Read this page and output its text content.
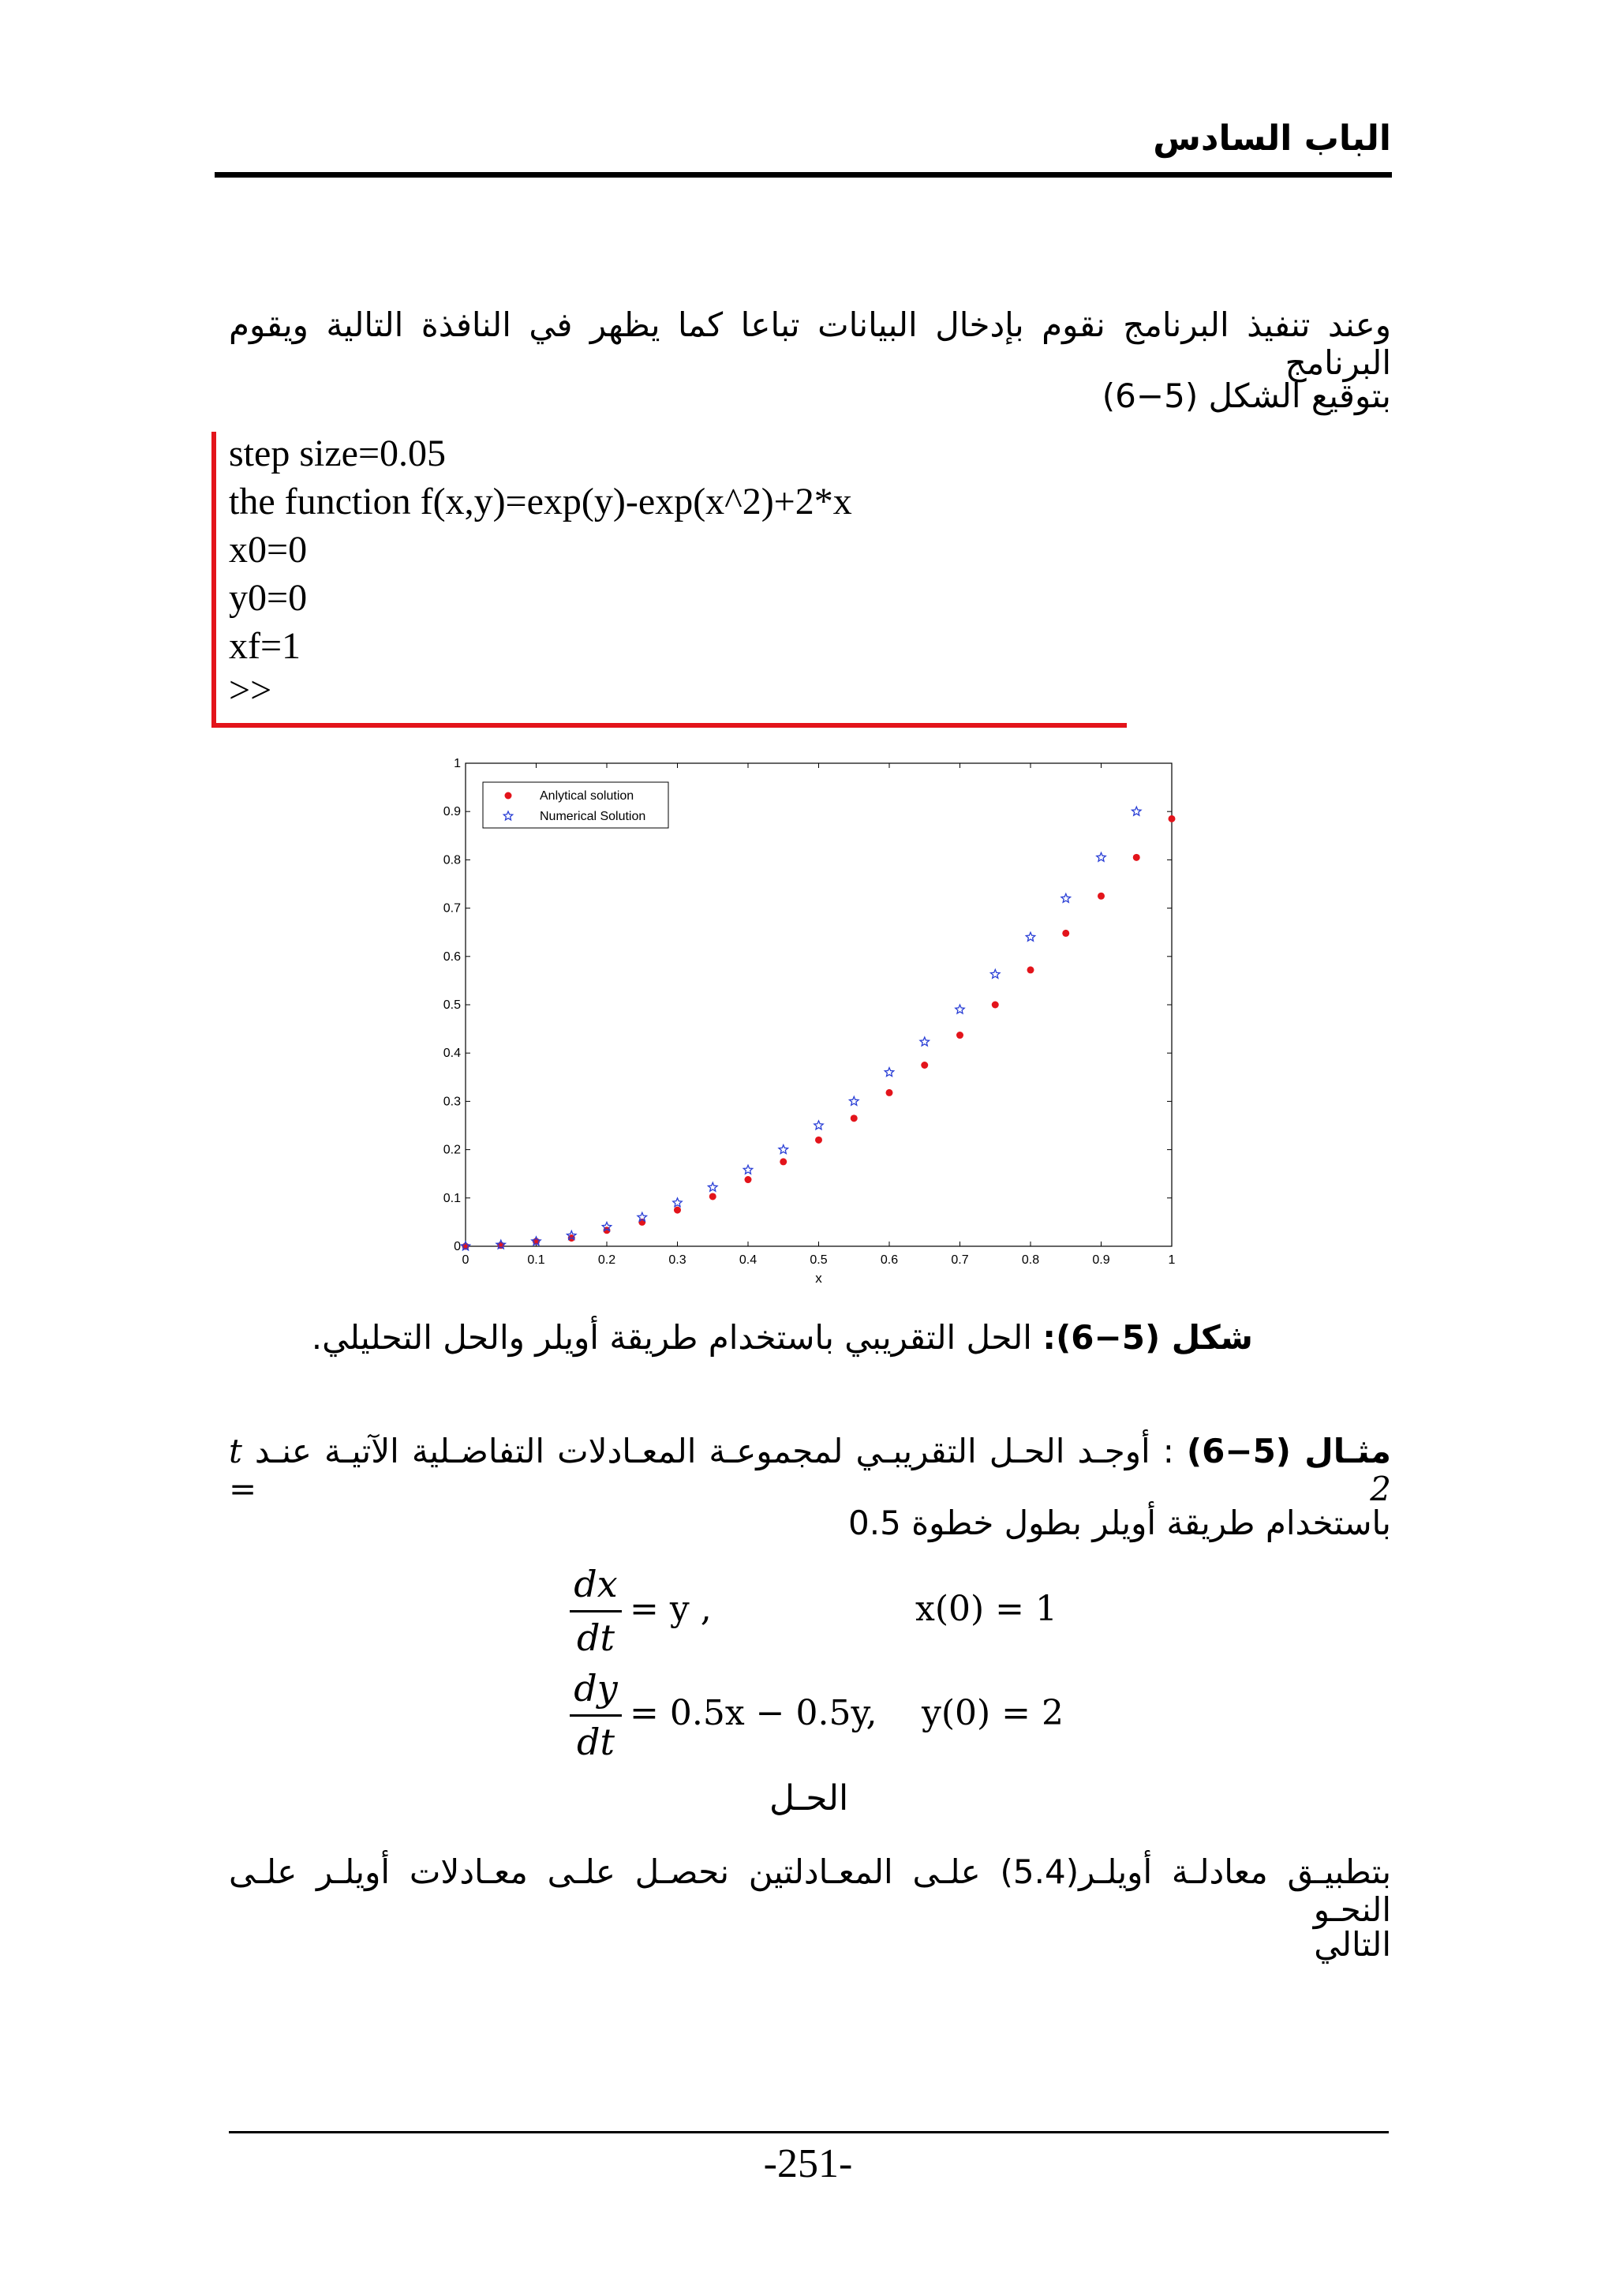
الباب السادس
وعند تنفيذ البرنامج نقوم بإدخال البيانات تباعا كما يظهر في النافذة التالية ويقوم البرنامج
بتوقيع الشكل (5−6)
step size=0.05
the function f(x,y)=exp(y)-exp(x^2)+2*x
x0=0
y0=0
xf=1
>>
0	0.1	0.2	0.3	0.4	0.5	0.6	0.7	0.8	0.9	1
0
0.1
0.2
0.3
0.4
0.5
0.6
0.7
0.8
0.9
1
x
Anlytical solution
Numerical Solution
شكل (5−6): الحل التقريبي باستخدام طريقة أويلر والحل التحليلي.
مثـال (5−6) : أوجـد الحـل التقريبـي لمجموعـة المعـادلات التفاضـلية الآتيـة عنـد t = 2
باستخدام طريقة أويلر بطول خطوة 0.5
dx
dt
= y ,	x(0) = 1
dy
dt
= 0.5x − 0.5y, y(0) = 2
الحـل
بتطبيـق معادلـة أويلـر(5.4) علـى المعـادلتين نحصـل علـى معـادلات أويلـر علـى النحـو
التالي
-251-
